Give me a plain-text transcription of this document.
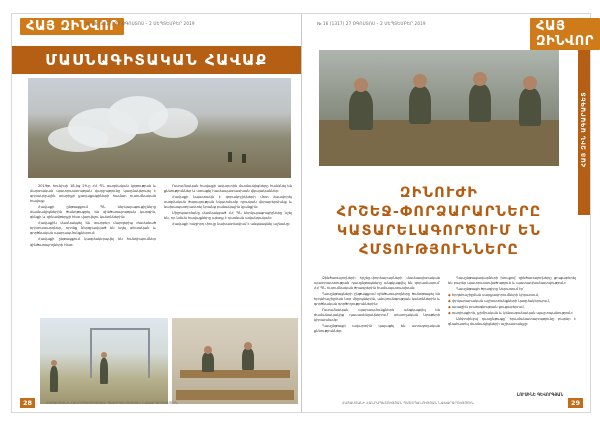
ՀԱՅ ԶԻՆՎՈՐ
№ 16 (1317) 27 ՕԳՈՍՏՈՍ – 2 ՍԵՊՏԵՄԲԵՐ 2019
ՄԱՍՆԱԳԻՏԱԿԱՆ ՀԱՎԱՔ

2019թ. հունիսի 18-ից 29-ը ՀՀ ՊՆ ռազմական կրթության և մարտական պատրաստության վարչությունը կազմակերպել է զորակոչային տարիքի քաղաքացիների համար ուսումնական հավաք:

Հավաքի ընթացքում ՊՆ ներկայացուցիչները մասնակիցներին ծանոթացրել են զինծառայության կարգին, զենքի և զինամթերքի հետ վարվելու կանոններին:

Հավաքին մասնակցել են տարբեր մարզերից ժամանած երիտասարդներ, որոնք ներգրավված են եղել տեսական և գործնական պարապմունքներում:

Հավաքի ընթացքում կազմակերպվել են հանդիպումներ զինծառայողների հետ:

Ուսումնական հավաքի ավարտին մասնակիցները հանձնել են քննություններ և ստացել համապատասխան վկայականներ:

Հավաքի նպատակն է զորակոչիկների մոտ ձևավորել ռազմական ծառայության նկատմամբ դրական վերաբերմունք և նախապատրաստել նրանց բանակային կյանքին:

Միջոցառմանը մասնակցած ՀՀ ՊՆ ներկայացուցիչները նշել են, որ նման հավաքները պետք է դառնան ավանդական:

Հավաքի հաջորդ փուլը նախատեսվում է անցկացնել աշնանը:

28	ՀԱՅԱՍՏԱՆԻ ՀԱՆՐԱՊԵՏՈՒԹՅԱՆ ՊԱՇՏՊԱՆՈՒԹՅԱՆ ՆԱԽԱՐԱՐՈՒԹՅՈՒՆ
№ 16 (1317) 27 ՕԳՈՍՏՈՍ – 2 ՍԵՊՏԵՄԲԵՐ 2019	ՀԱՅ ԶԻՆՎՈՐ
ՀԱՅ ԶԻՆ ԱԳԱՐԱԳԵՏ
ԶԻՆՈՒԺԻ
ՀՐՇԵՋ-ՓՈՐՁԱՐԱՐՆԵՐԸ
ԿԱՏԱՐԵԼԱԳՈՐԾՈՒՄ ԵՆ
ՀՄՏՈՒԹՅՈՒՆՆԵՐԸ

Զինծառայողների հրշեջ-փորձարարների մասնագիտական պատրաստության դասընթացները անցկացվել են զորամասում՝ ՀՀ ՊՆ ուսումնական ծրագրերին համապատասխան:

Դասընթացների ընթացքում զինծառայողները ծանոթացել են հրդեհաշիջման նոր միջոցներին, անվտանգության կանոններին և գործնական գործողություններին:

Ուսումնական պարապմունքներն անցկացվել են ժամանակակից դասասենյակներում՝ տեսողական նյութերի կիրառմամբ:

Դասընթացի ավարտին կայացել են ստուգողական քննություններ:

Դասընթացավարների խոսքով՝ զինծառայողները ցուցաբերել են բարձր պատրաստվածություն և պատասխանատվություն:

Դասընթացի ծրագիրը ներառում էր՝

◆ հրդեհաշիջման սարքավորումների կիրառում,
◆ փրկարարական աշխատանքների կազմակերպում,
◆ առաջին բուժօգնության ցուցաբերում,
◆ ռադիացիոն, քիմիական և կենսաբանական պաշտպանություն:

Ամփոփելով դասընթացը՝ հրամանատարությունը բարձր է գնահատել մասնակիցների աշխատանքը:

ԼՈՒՍԻՆԵ ԳԵՎՈՐԳՅԱՆ
ՀԱՅԱՍՏԱՆԻ ՀԱՆՐԱՊԵՏՈՒԹՅԱՆ ՊԱՇՏՊԱՆՈՒԹՅԱՆ ՆԱԽԱՐԱՐՈՒԹՅՈՒՆ	29
